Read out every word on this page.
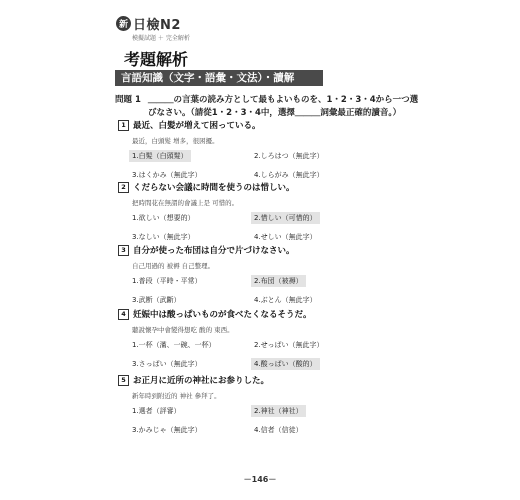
新 日檢N2
模擬試題 ＋ 完全解析
考題解析
言語知識（文字・語彙・文法）・讀解
問題 1 ＿＿＿の言葉の読み方として最もよいものを、1・2・3・4から一つ選
びなさい。（請從1・2・3・4中，選擇＿＿＿詞彙最正確的讀音。）
1 最近、白髪が増えて困っている。
最近，白頭髮 增多，很困擾。
1.白髪（白頭髮）	2.しろはつ（無此字）
3.はくかみ（無此字）	4.しらがみ（無此字）
2 くだらない会議に時間を使うのは惜しい。
把時間花在無謂的會議上是 可惜的。
1.欲しい（想要的）	2.惜しい（可惜的）
3.なしい（無此字）	4.せしい（無此字）
3 自分が使った布団は自分で片づけなさい。
自己用過的 被褥 自己整理。
1.普段（平時・平常）	2.布団（被褥）
3.武断（武斷）	4.ぶとん（無此字）
4 妊娠中は酸っぱいものが食べたくなるそうだ。
聽說懷孕中會變得想吃 酸的 東西。
1.一杯（滿、一碗、一杯）	2.せっぱい（無此字）
3.さっぱい（無此字）	4.酸っぱい（酸的）
5 お正月に近所の神社にお参りした。
新年時到附近的 神社 參拜了。
1.選者（評審）	2.神社（神社）
3.かみじゃ（無此字）	4.信者（信徒）
－146－
